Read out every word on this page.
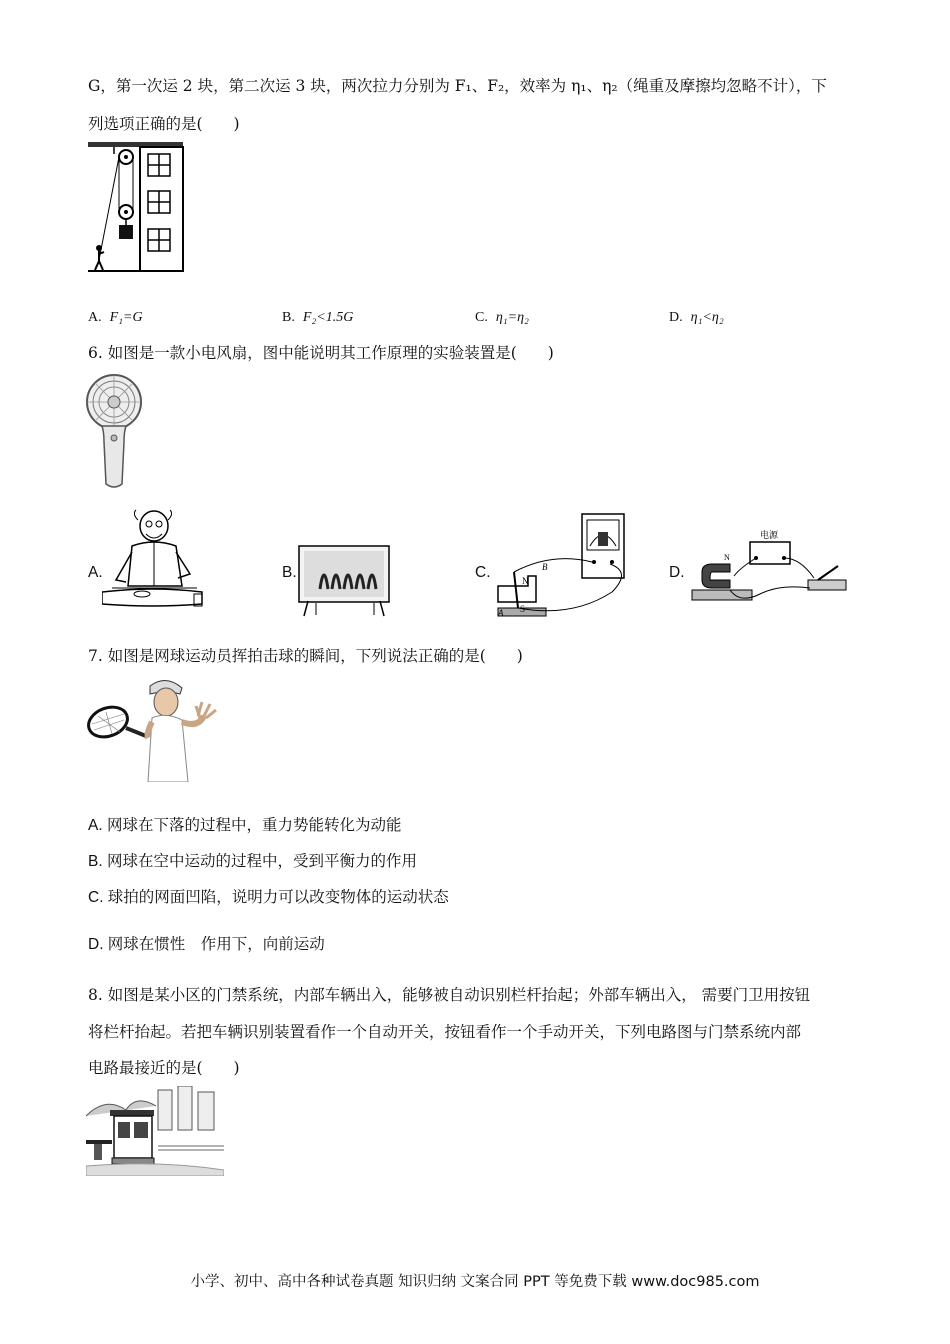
G，第一次运 2 块，第二次运 3 块，两次拉力分别为 F₁、F₂，效率为 η₁、η₂（绳重及摩擦均忽略不计），下
列选项正确的是(　　)
A. F₁=G	B. F₂<1.5G	C. η₁=η₂	D. η₁<η₂
6. 如图是一款小电风扇，图中能说明其工作原理的实验装置是(　　)
A.	B.	C.	D.
N
B
A S
电源
N
7. 如图是网球运动员挥拍击球的瞬间，下列说法正确的是(　　)
A. 网球在下落的过程中，重力势能转化为动能
B. 网球在空中运动的过程中，受到平衡力的作用
C. 球拍的网面凹陷，说明力可以改变物体的运动状态
D. 网球在惯性　作用下，向前运动
8. 如图是某小区的门禁系统，内部车辆出入，能够被自动识别栏杆抬起；外部车辆出入， 需要门卫用按钮
将栏杆抬起。若把车辆识别装置看作一个自动开关，按钮看作一个手动开关，下列电路图与门禁系统内部
电路最接近的是(　　)
小学、初中、高中各种试卷真题 知识归纳 文案合同 PPT 等免费下载 www.doc985.com
